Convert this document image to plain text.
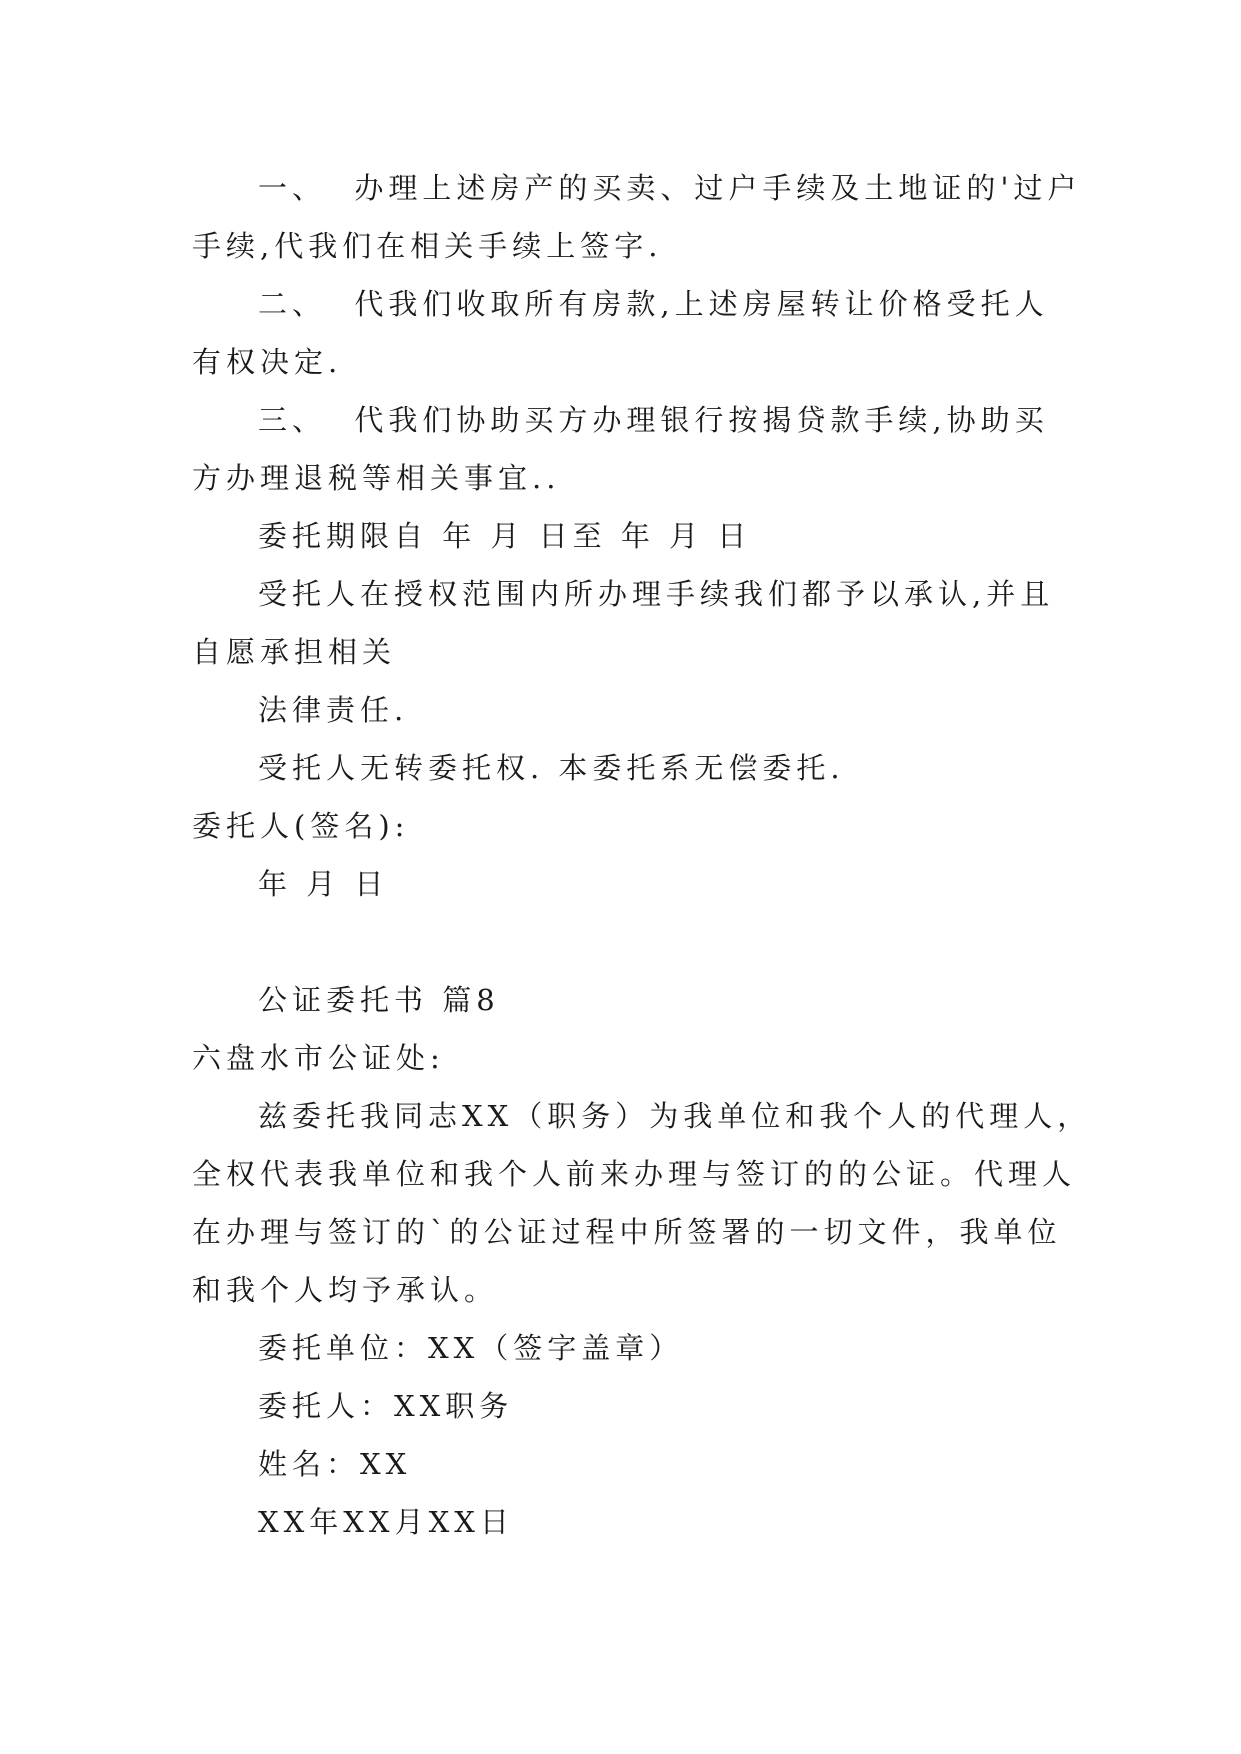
一、  办理上述房产的买卖、过户手续及土地证的'过户
手续,代我们在相关手续上签字.
二、  代我们收取所有房款,上述房屋转让价格受托人
有权决定.
三、  代我们协助买方办理银行按揭贷款手续,协助买
方办理退税等相关事宜..
委托期限自 年 月 日至 年 月 日
受托人在授权范围内所办理手续我们都予以承认,并且
自愿承担相关
法律责任.
受托人无转委托权. 本委托系无偿委托.
委托人(签名):
年 月 日
公证委托书 篇8
六盘水市公证处:
兹委托我同志XX（职务）为我单位和我个人的代理人，
全权代表我单位和我个人前来办理与签订的的公证。代理人
在办理与签订的`的公证过程中所签署的一切文件，我单位
和我个人均予承认。
委托单位：XX（签字盖章）
委托人：XX职务
姓名：XX
XX年XX月XX日
